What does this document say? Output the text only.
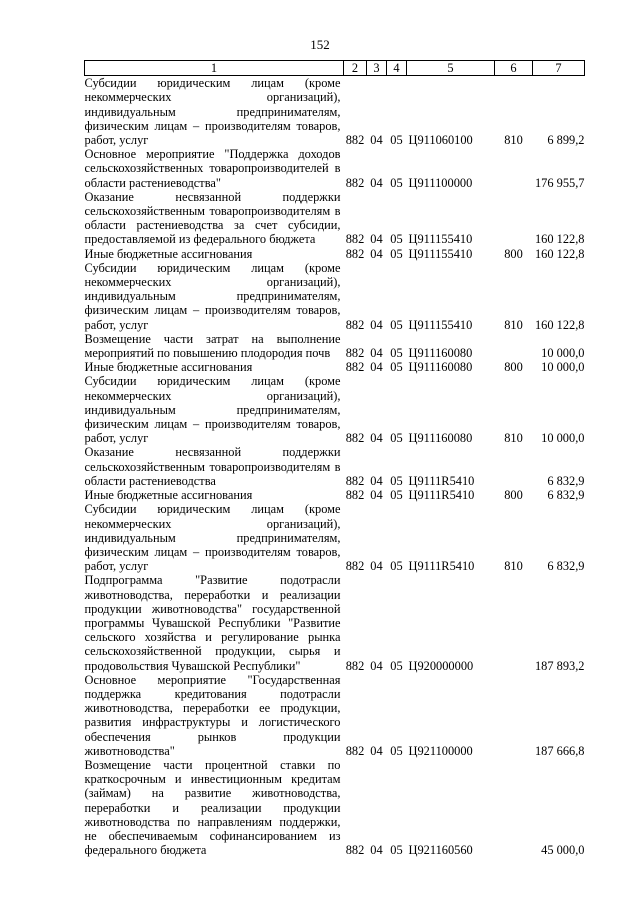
152
1	2	3	4	5	6	7
Субсидии юридическим лицам (кроме некоммерческих организаций), индивидуальным предпринимателям, физическим лицам – производителям товаров, работ, услуг	882	04	05	Ц911060100	810	6 899,2
Основное мероприятие "Поддержка доходов сельскохозяйственных товаропроизводителей в области растениеводства"	882	04	05	Ц911100000		176 955,7
Оказание несвязанной поддержки сельскохозяйственным товаропроизводителям в области растениеводства за счет субсидии, предоставляемой из федерального бюджета	882	04	05	Ц911155410		160 122,8
Иные бюджетные ассигнования	882	04	05	Ц911155410	800	160 122,8
Субсидии юридическим лицам (кроме некоммерческих организаций), индивидуальным предпринимателям, физическим лицам – производителям товаров, работ, услуг	882	04	05	Ц911155410	810	160 122,8
Возмещение части затрат на выполнение мероприятий по повышению плодородия почв	882	04	05	Ц911160080		10 000,0
Иные бюджетные ассигнования	882	04	05	Ц911160080	800	10 000,0
Субсидии юридическим лицам (кроме некоммерческих организаций), индивидуальным предпринимателям, физическим лицам – производителям товаров, работ, услуг	882	04	05	Ц911160080	810	10 000,0
Оказание несвязанной поддержки сельскохозяйственным товаропроизводителям в области растениеводства	882	04	05	Ц9111R5410		6 832,9
Иные бюджетные ассигнования	882	04	05	Ц9111R5410	800	6 832,9
Субсидии юридическим лицам (кроме некоммерческих организаций), индивидуальным предпринимателям, физическим лицам – производителям товаров, работ, услуг	882	04	05	Ц9111R5410	810	6 832,9
Подпрограмма "Развитие подотрасли животноводства, переработки и реализации продукции животноводства" государственной программы Чувашской Республики "Развитие сельского хозяйства и регулирование рынка сельскохозяйственной продукции, сырья и продовольствия Чувашской Республики"	882	04	05	Ц920000000		187 893,2
Основное мероприятие "Государственная поддержка кредитования подотрасли животноводства, переработки ее продукции, развития инфраструктуры и логистического обеспечения рынков продукции животноводства"	882	04	05	Ц921100000		187 666,8
Возмещение части процентной ставки по краткосрочным и инвестиционным кредитам (займам) на развитие животноводства, переработки и реализации продукции животноводства по направлениям поддержки, не обеспечиваемым софинансированием из федерального бюджета	882	04	05	Ц921160560		45 000,0
